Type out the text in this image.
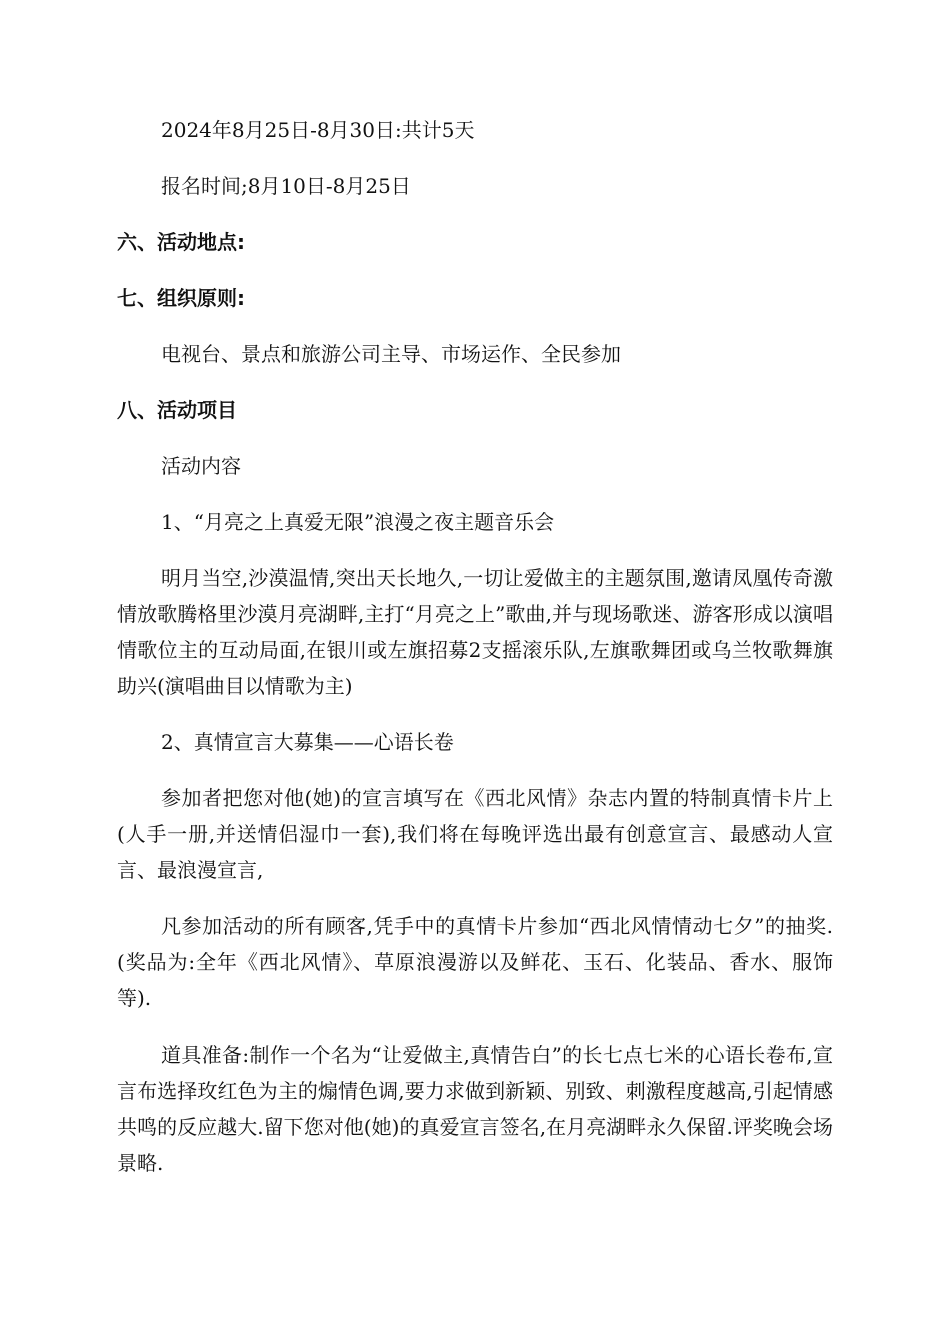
2024年8月25日-8月30日:共计5天

报名时间;8月10日-8月25日

六、活动地点:

七、组织原则:

电视台、景点和旅游公司主导、市场运作、全民参加

八、活动项目

活动内容

1、“月亮之上真爱无限”浪漫之夜主题音乐会

明月当空,沙漠温情,突出天长地久,一切让爱做主的主题氛围,邀请凤凰传奇激情放歌腾格里沙漠月亮湖畔,主打“月亮之上”歌曲,并与现场歌迷、游客形成以演唱情歌位主的互动局面,在银川或左旗招募2支摇滚乐队,左旗歌舞团或乌兰牧歌舞旗助兴(演唱曲目以情歌为主)

2、真情宣言大募集——心语长卷

参加者把您对他(她)的宣言填写在《西北风情》杂志内置的特制真情卡片上(人手一册,并送情侣湿巾一套),我们将在每晚评选出最有创意宣言、最感动人宣言、最浪漫宣言,

凡参加活动的所有顾客,凭手中的真情卡片参加“西北风情情动七夕”的抽奖.(奖品为:全年《西北风情》、草原浪漫游以及鲜花、玉石、化装品、香水、服饰等).

道具准备:制作一个名为“让爱做主,真情告白”的长七点七米的心语长卷布,宣言布选择玫红色为主的煽情色调,要力求做到新颖、别致、刺激程度越高,引起情感共鸣的反应越大.留下您对他(她)的真爱宣言签名,在月亮湖畔永久保留.评奖晚会场景略.
